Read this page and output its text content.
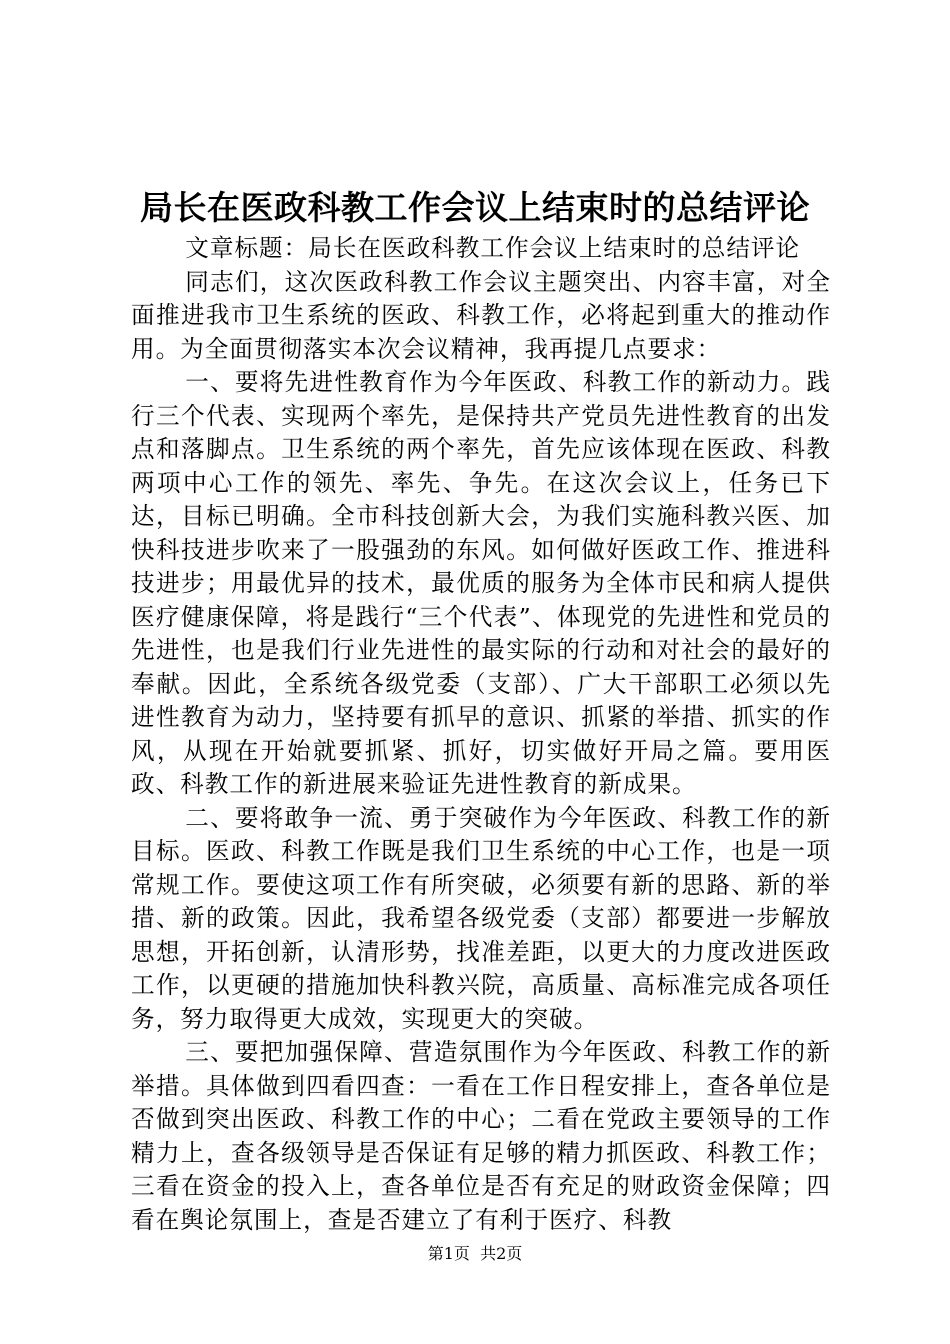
局长在医政科教工作会议上结束时的总结评论

文章标题：局长在医政科教工作会议上结束时的总结评论

同志们，这次医政科教工作会议主题突出、内容丰富，对全面推进我市卫生系统的医政、科教工作，必将起到重大的推动作用。为全面贯彻落实本次会议精神，我再提几点要求：

一、要将先进性教育作为今年医政、科教工作的新动力。践行三个代表、实现两个率先，是保持共产党员先进性教育的出发点和落脚点。卫生系统的两个率先，首先应该体现在医政、科教两项中心工作的领先、率先、争先。在这次会议上，任务已下达，目标已明确。全市科技创新大会，为我们实施科教兴医、加快科技进步吹来了一股强劲的东风。如何做好医政工作、推进科技进步；用最优异的技术，最优质的服务为全体市民和病人提供医疗健康保障，将是践行“三个代表”、体现党的先进性和党员的先进性，也是我们行业先进性的最实际的行动和对社会的最好的奉献。因此，全系统各级党委（支部）、广大干部职工必须以先进性教育为动力，坚持要有抓早的意识、抓紧的举措、抓实的作风，从现在开始就要抓紧、抓好，切实做好开局之篇。要用医政、科教工作的新进展来验证先进性教育的新成果。

二、要将敢争一流、勇于突破作为今年医政、科教工作的新目标。医政、科教工作既是我们卫生系统的中心工作，也是一项常规工作。要使这项工作有所突破，必须要有新的思路、新的举措、新的政策。因此，我希望各级党委（支部）都要进一步解放思想，开拓创新，认清形势，找准差距，以更大的力度改进医政工作，以更硬的措施加快科教兴院，高质量、高标准完成各项任务，努力取得更大成效，实现更大的突破。

三、要把加强保障、营造氛围作为今年医政、科教工作的新举措。具体做到四看四查：一看在工作日程安排上，查各单位是否做到突出医政、科教工作的中心；二看在党政主要领导的工作精力上，查各级领导是否保证有足够的精力抓医政、科教工作；三看在资金的投入上，查各单位是否有充足的财政资金保障；四看在舆论氛围上，查是否建立了有利于医疗、科教

第1页  共2页
